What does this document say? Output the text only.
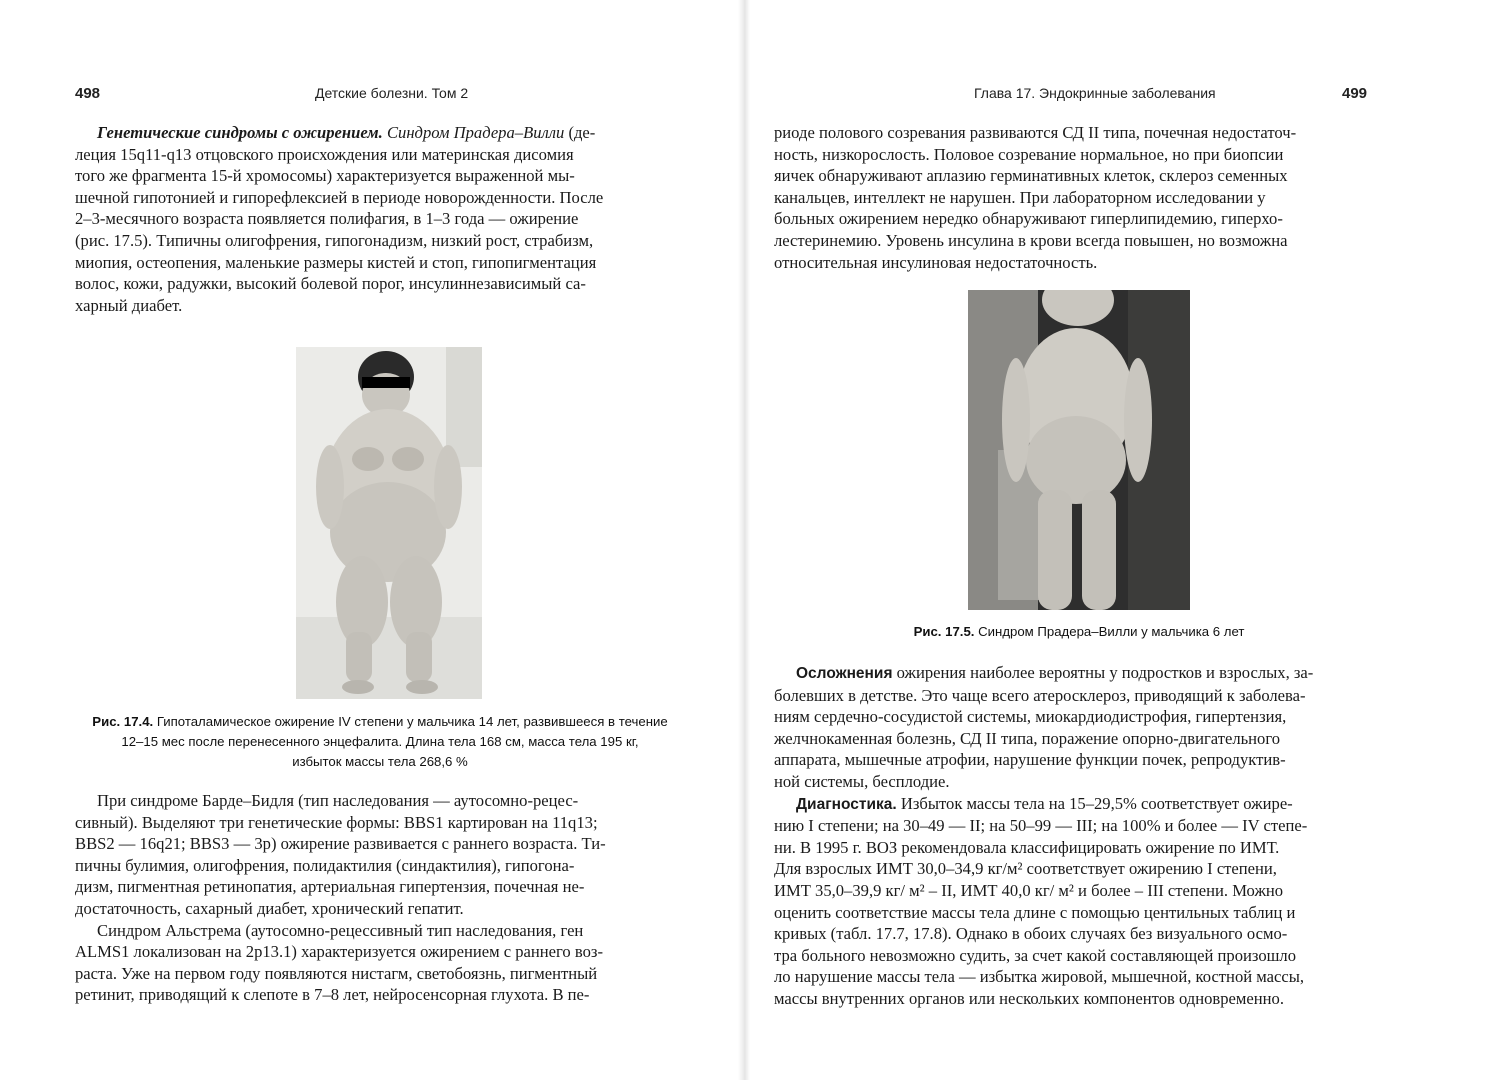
498	Детские болезни. Том 2

Генетические синдромы с ожирением. Синдром Прадера–Вилли (де-
леция 15q11-q13 отцовского происхождения или материнская дисомия
того же фрагмента 15-й хромосомы) характеризуется выраженной мы-
шечной гипотонией и гипорефлексией в периоде новорожденности. После
2–3-месячного возраста появляется полифагия, в 1–3 года — ожирение
(рис. 17.5). Типичны олигофрения, гипогонадизм, низкий рост, страбизм,
миопия, остеопения, маленькие размеры кистей и стоп, гипопигментация
волос, кожи, радужки, высокий болевой порог, инсулиннезависимый са-
харный диабет.

Рис. 17.4. Гипоталамическое ожирение IV степени у мальчика 14 лет, развившееся в течение
12–15 мес после перенесенного энцефалита. Длина тела 168 см, масса тела 195 кг,
избыток массы тела 268,6 %

При синдроме Барде–Бидля (тип наследования — аутосомно-рецес-
сивный). Выделяют три генетические формы: BBS1 картирован на 11q13;
BBS2 — 16q21; BBS3 — 3p) ожирение развивается с раннего возраста. Ти-
пичны булимия, олигофрения, полидактилия (синдактилия), гипогона-
дизм, пигментная ретинопатия, артериальная гипертензия, почечная не-
достаточность, сахарный диабет, хронический гепатит.

Синдром Альстрема (аутосомно-рецессивный тип наследования, ген
ALMS1 локализован на 2p13.1) характеризуется ожирением с раннего воз-
раста. Уже на первом году появляются нистагм, светобоязнь, пигментный
ретинит, приводящий к слепоте в 7–8 лет, нейросенсорная глухота. В пе-

Глава 17. Эндокринные заболевания	499

риоде полового созревания развиваются СД II типа, почечная недостаточ-
ность, низкорослость. Половое созревание нормальное, но при биопсии
яичек обнаруживают аплазию герминативных клеток, склероз семенных
канальцев, интеллект не нарушен. При лабораторном исследовании у
больных ожирением нередко обнаруживают гиперлипидемию, гиперхо-
лестеринемию. Уровень инсулина в крови всегда повышен, но возможна
относительная инсулиновая недостаточность.

Рис. 17.5. Синдром Прадера–Вилли у мальчика 6 лет

Осложнения ожирения наиболее вероятны у подростков и взрослых, за-
болевших в детстве. Это чаще всего атеросклероз, приводящий к заболева-
ниям сердечно-сосудистой системы, миокардиодистрофия, гипертензия,
желчнокаменная болезнь, СД II типа, поражение опорно-двигательного
аппарата, мышечные атрофии, нарушение функции почек, репродуктив-
ной системы, бесплодие.

Диагностика. Избыток массы тела на 15–29,5% соответствует ожире-
нию I степени; на 30–49 — II; на 50–99 — III; на 100% и более — IV степе-
ни. В 1995 г. ВОЗ рекомендовала классифицировать ожирение по ИМТ.
Для взрослых ИМТ 30,0–34,9 кг/м² соответствует ожирению I степени,
ИМТ 35,0–39,9 кг/ м² – II, ИМТ 40,0 кг/ м² и более – III степени. Можно
оценить соответствие массы тела длине с помощью центильных таблиц и
кривых (табл. 17.7, 17.8). Однако в обоих случаях без визуального осмо-
тра больного невозможно судить, за счет какой составляющей произошло
ло нарушение массы тела — избытка жировой, мышечной, костной массы,
массы внутренних органов или нескольких компонентов одновременно.
